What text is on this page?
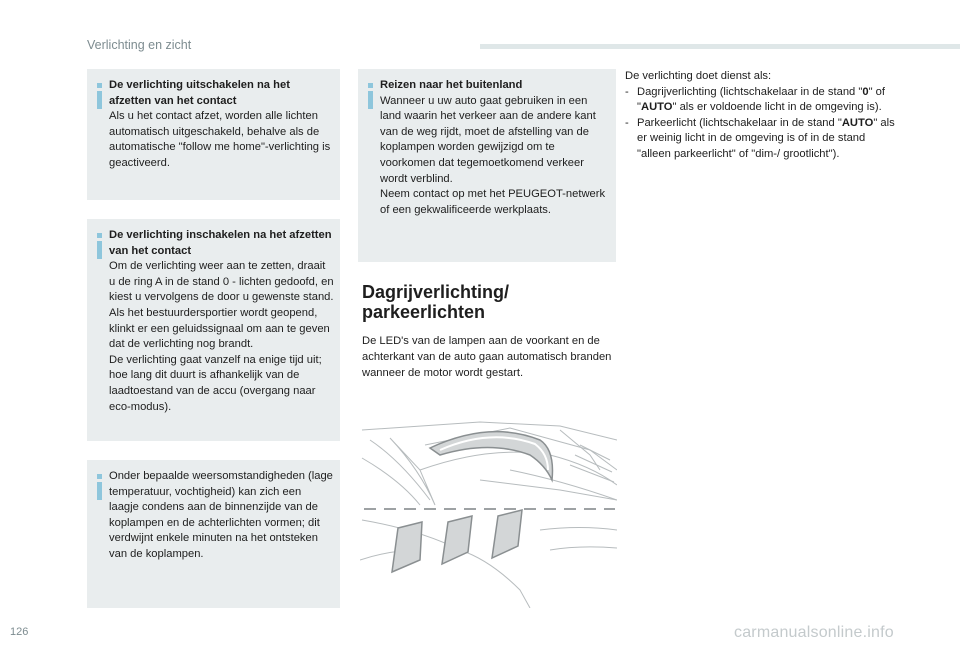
Verlichting en zicht
De verlichting uitschakelen na het afzetten van het contact

Als u het contact afzet, worden alle lichten automatisch uitgeschakeld, behalve als de automatische "follow me home"-verlichting is geactiveerd.

De verlichting inschakelen na het afzetten van het contact

Om de verlichting weer aan te zetten, draait u de ring A in de stand 0 - lichten gedoofd, en kiest u vervolgens de door u gewenste stand.

Als het bestuurdersportier wordt geopend, klinkt er een geluidssignaal om aan te geven dat de verlichting nog brandt.

De verlichting gaat vanzelf na enige tijd uit; hoe lang dit duurt is afhankelijk van de laadtoestand van de accu (overgang naar eco-modus).

Onder bepaalde weersomstandigheden (lage temperatuur, vochtigheid) kan zich een laagje condens aan de binnenzijde van de koplampen en de achterlichten vormen; dit verdwijnt enkele minuten na het ontsteken van de koplampen.

Reizen naar het buitenland

Wanneer u uw auto gaat gebruiken in een land waarin het verkeer aan de andere kant van de weg rijdt, moet de afstelling van de koplampen worden gewijzigd om te voorkomen dat tegemoetkomend verkeer wordt verblind.

Neem contact op met het PEUGEOT-netwerk of een gekwalificeerde werkplaats.

Dagrijverlichting/ parkeerlichten
De LED's van de lampen aan de voorkant en de achterkant van de auto gaan automatisch branden wanneer de motor wordt gestart.
De verlichting doet dienst als:
- Dagrijverlichting (lichtschakelaar in de stand "0" of "AUTO" als er voldoende licht in de omgeving is).
- Parkeerlicht (lichtschakelaar in de stand "AUTO" als er weinig licht in de omgeving is of in de stand "alleen parkeerlicht" of "dim-/ grootlicht").
126	carmanualsonline.info
